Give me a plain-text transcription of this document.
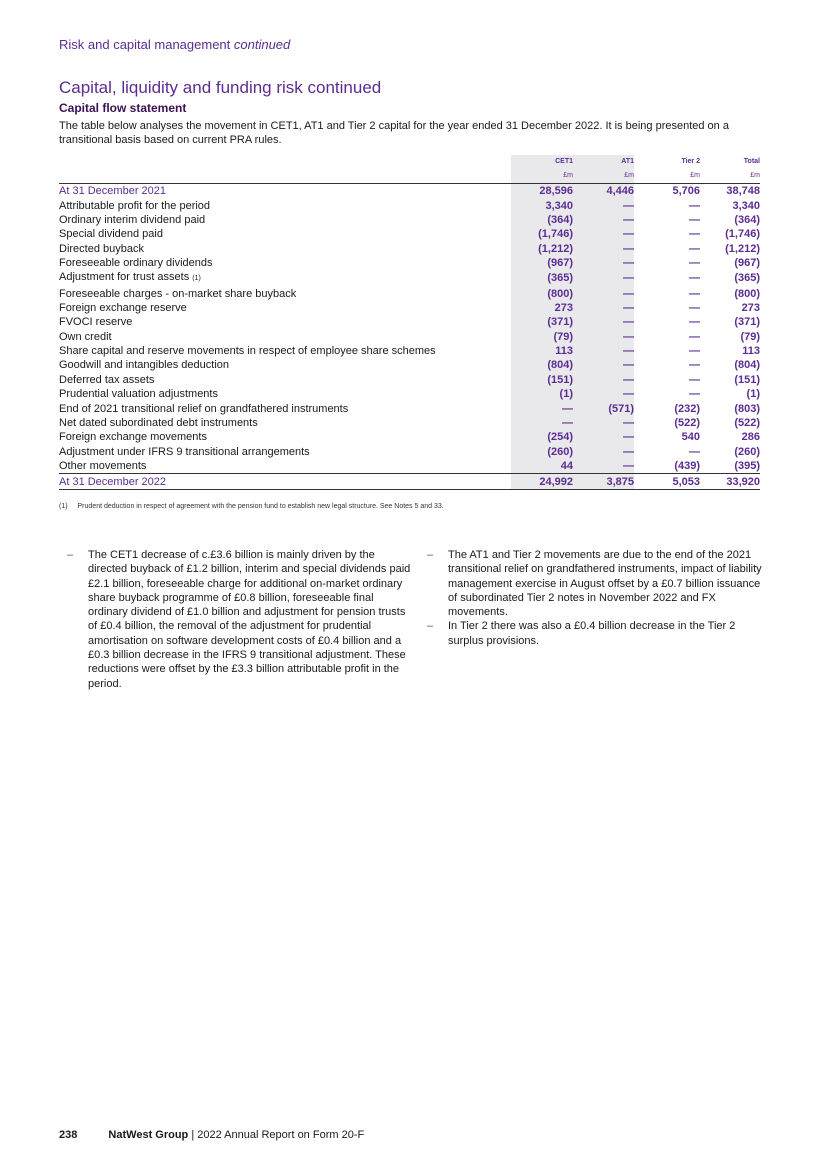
Risk and capital management continued
Capital, liquidity and funding risk continued
Capital flow statement
The table below analyses the movement in CET1, AT1 and Tier 2 capital for the year ended 31 December 2022. It is being presented on a transitional basis based on current PRA rules.
	CET1	AT1	Tier 2	Total
	£m	£m	£m	£m
At 31 December 2021	28,596	4,446	5,706	38,748
Attributable profit for the period	3,340	—	—	3,340
Ordinary interim dividend paid	(364)	—	—	(364)
Special dividend paid	(1,746)	—	—	(1,746)
Directed buyback	(1,212)	—	—	(1,212)
Foreseeable ordinary dividends	(967)	—	—	(967)
Adjustment for trust assets (1)	(365)	—	—	(365)
Foreseeable charges - on-market share buyback	(800)	—	—	(800)
Foreign exchange reserve	273	—	—	273
FVOCI reserve	(371)	—	—	(371)
Own credit	(79)	—	—	(79)
Share capital and reserve movements in respect of employee share schemes	113	—	—	113
Goodwill and intangibles deduction	(804)	—	—	(804)
Deferred tax assets	(151)	—	—	(151)
Prudential valuation adjustments	(1)	—	—	(1)
End of 2021 transitional relief on grandfathered instruments	—	(571)	(232)	(803)
Net dated subordinated debt instruments	—	—	(522)	(522)
Foreign exchange movements	(254)	—	540	286
Adjustment under IFRS 9 transitional arrangements	(260)	—	—	(260)
Other movements	44	—	(439)	(395)
At 31 December 2022	24,992	3,875	5,053	33,920
(1) Prudent deduction in respect of agreement with the pension fund to establish new legal structure. See Notes 5 and 33.

– The CET1 decrease of c.£3.6 billion is mainly driven by the directed buyback of £1.2 billion, interim and special dividends paid £2.1 billion, foreseeable charge for additional on-market ordinary share buyback programme of £0.8 billion, foreseeable final ordinary dividend of £1.0 billion and adjustment for pension trusts of £0.4 billion, the removal of the adjustment for prudential amortisation on software development costs of £0.4 billion and a £0.3 billion decrease in the IFRS 9 transitional adjustment. These reductions were offset by the £3.3 billion attributable profit in the period.

– The AT1 and Tier 2 movements are due to the end of the 2021 transitional relief on grandfathered instruments, impact of liability management exercise in August offset by a £0.7 billion issuance of subordinated Tier 2 notes in November 2022 and FX movements.

– In Tier 2 there was also a £0.4 billion decrease in the Tier 2 surplus provisions.

238	NatWest Group | 2022 Annual Report on Form 20-F
